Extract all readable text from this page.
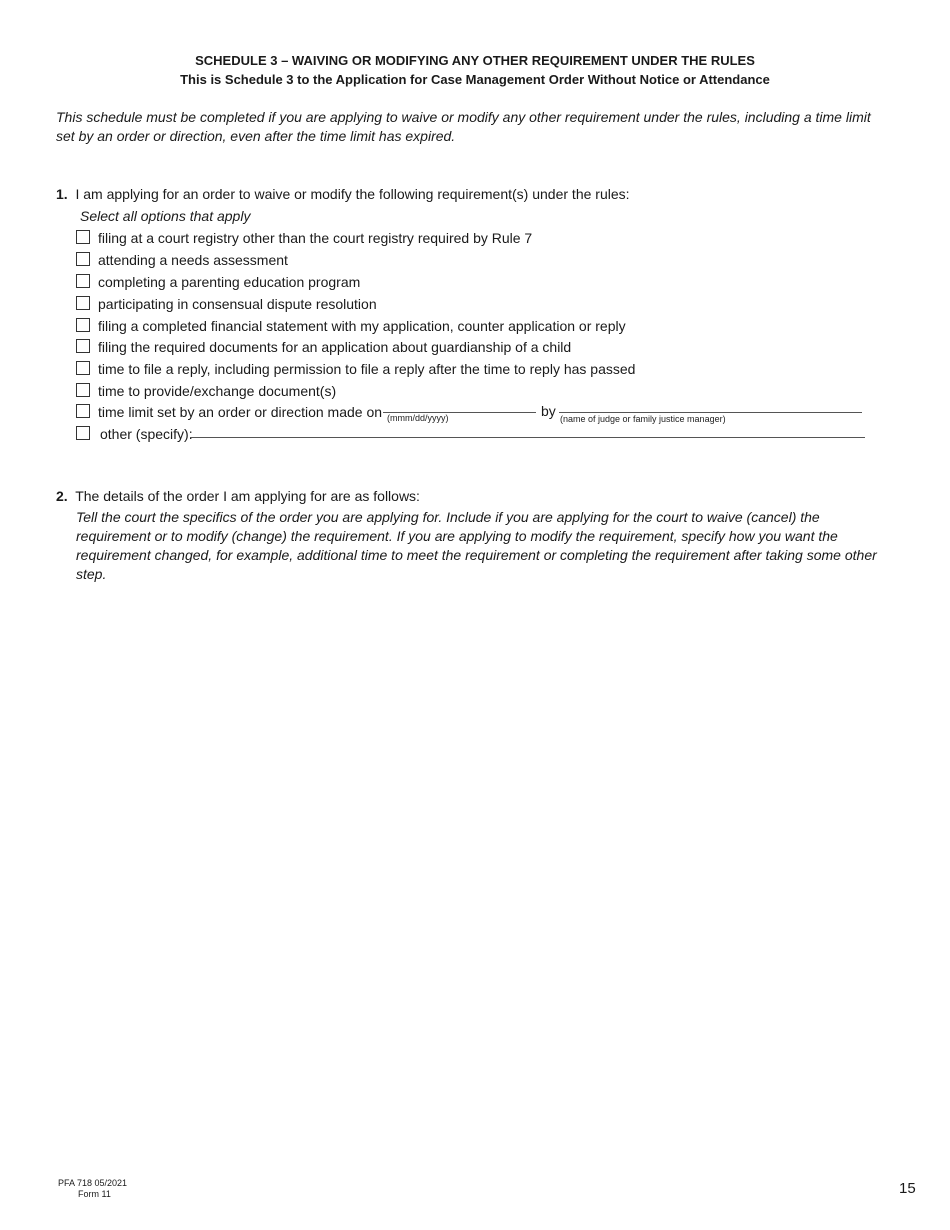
SCHEDULE 3 – WAIVING OR MODIFYING ANY OTHER REQUIREMENT UNDER THE RULES
This is Schedule 3 to the Application for Case Management Order Without Notice or Attendance
This schedule must be completed if you are applying to waive or modify any other requirement under the rules, including a time limit set by an order or direction, even after the time limit has expired.
1. I am applying for an order to waive or modify the following requirement(s) under the rules:
Select all options that apply
filing at a court registry other than the court registry required by Rule 7
attending a needs assessment
completing a parenting education program
participating in consensual dispute resolution
filing a completed financial statement with my application, counter application or reply
filing the required documents for an application about guardianship of a child
time to file a reply, including permission to file a reply after the time to reply has passed
time to provide/exchange document(s)
time limit set by an order or direction made on (mmm/dd/yyyy)	by (name of judge or family justice manager)
other (specify):
2. The details of the order I am applying for are as follows:
Tell the court the specifics of the order you are applying for. Include if you are applying for the court to waive (cancel) the requirement or to modify (change) the requirement. If you are applying to modify the requirement, specify how you want the requirement changed, for example, additional time to meet the requirement or completing the requirement after taking some other step.
PFA 718 05/2021
Form 11	15
